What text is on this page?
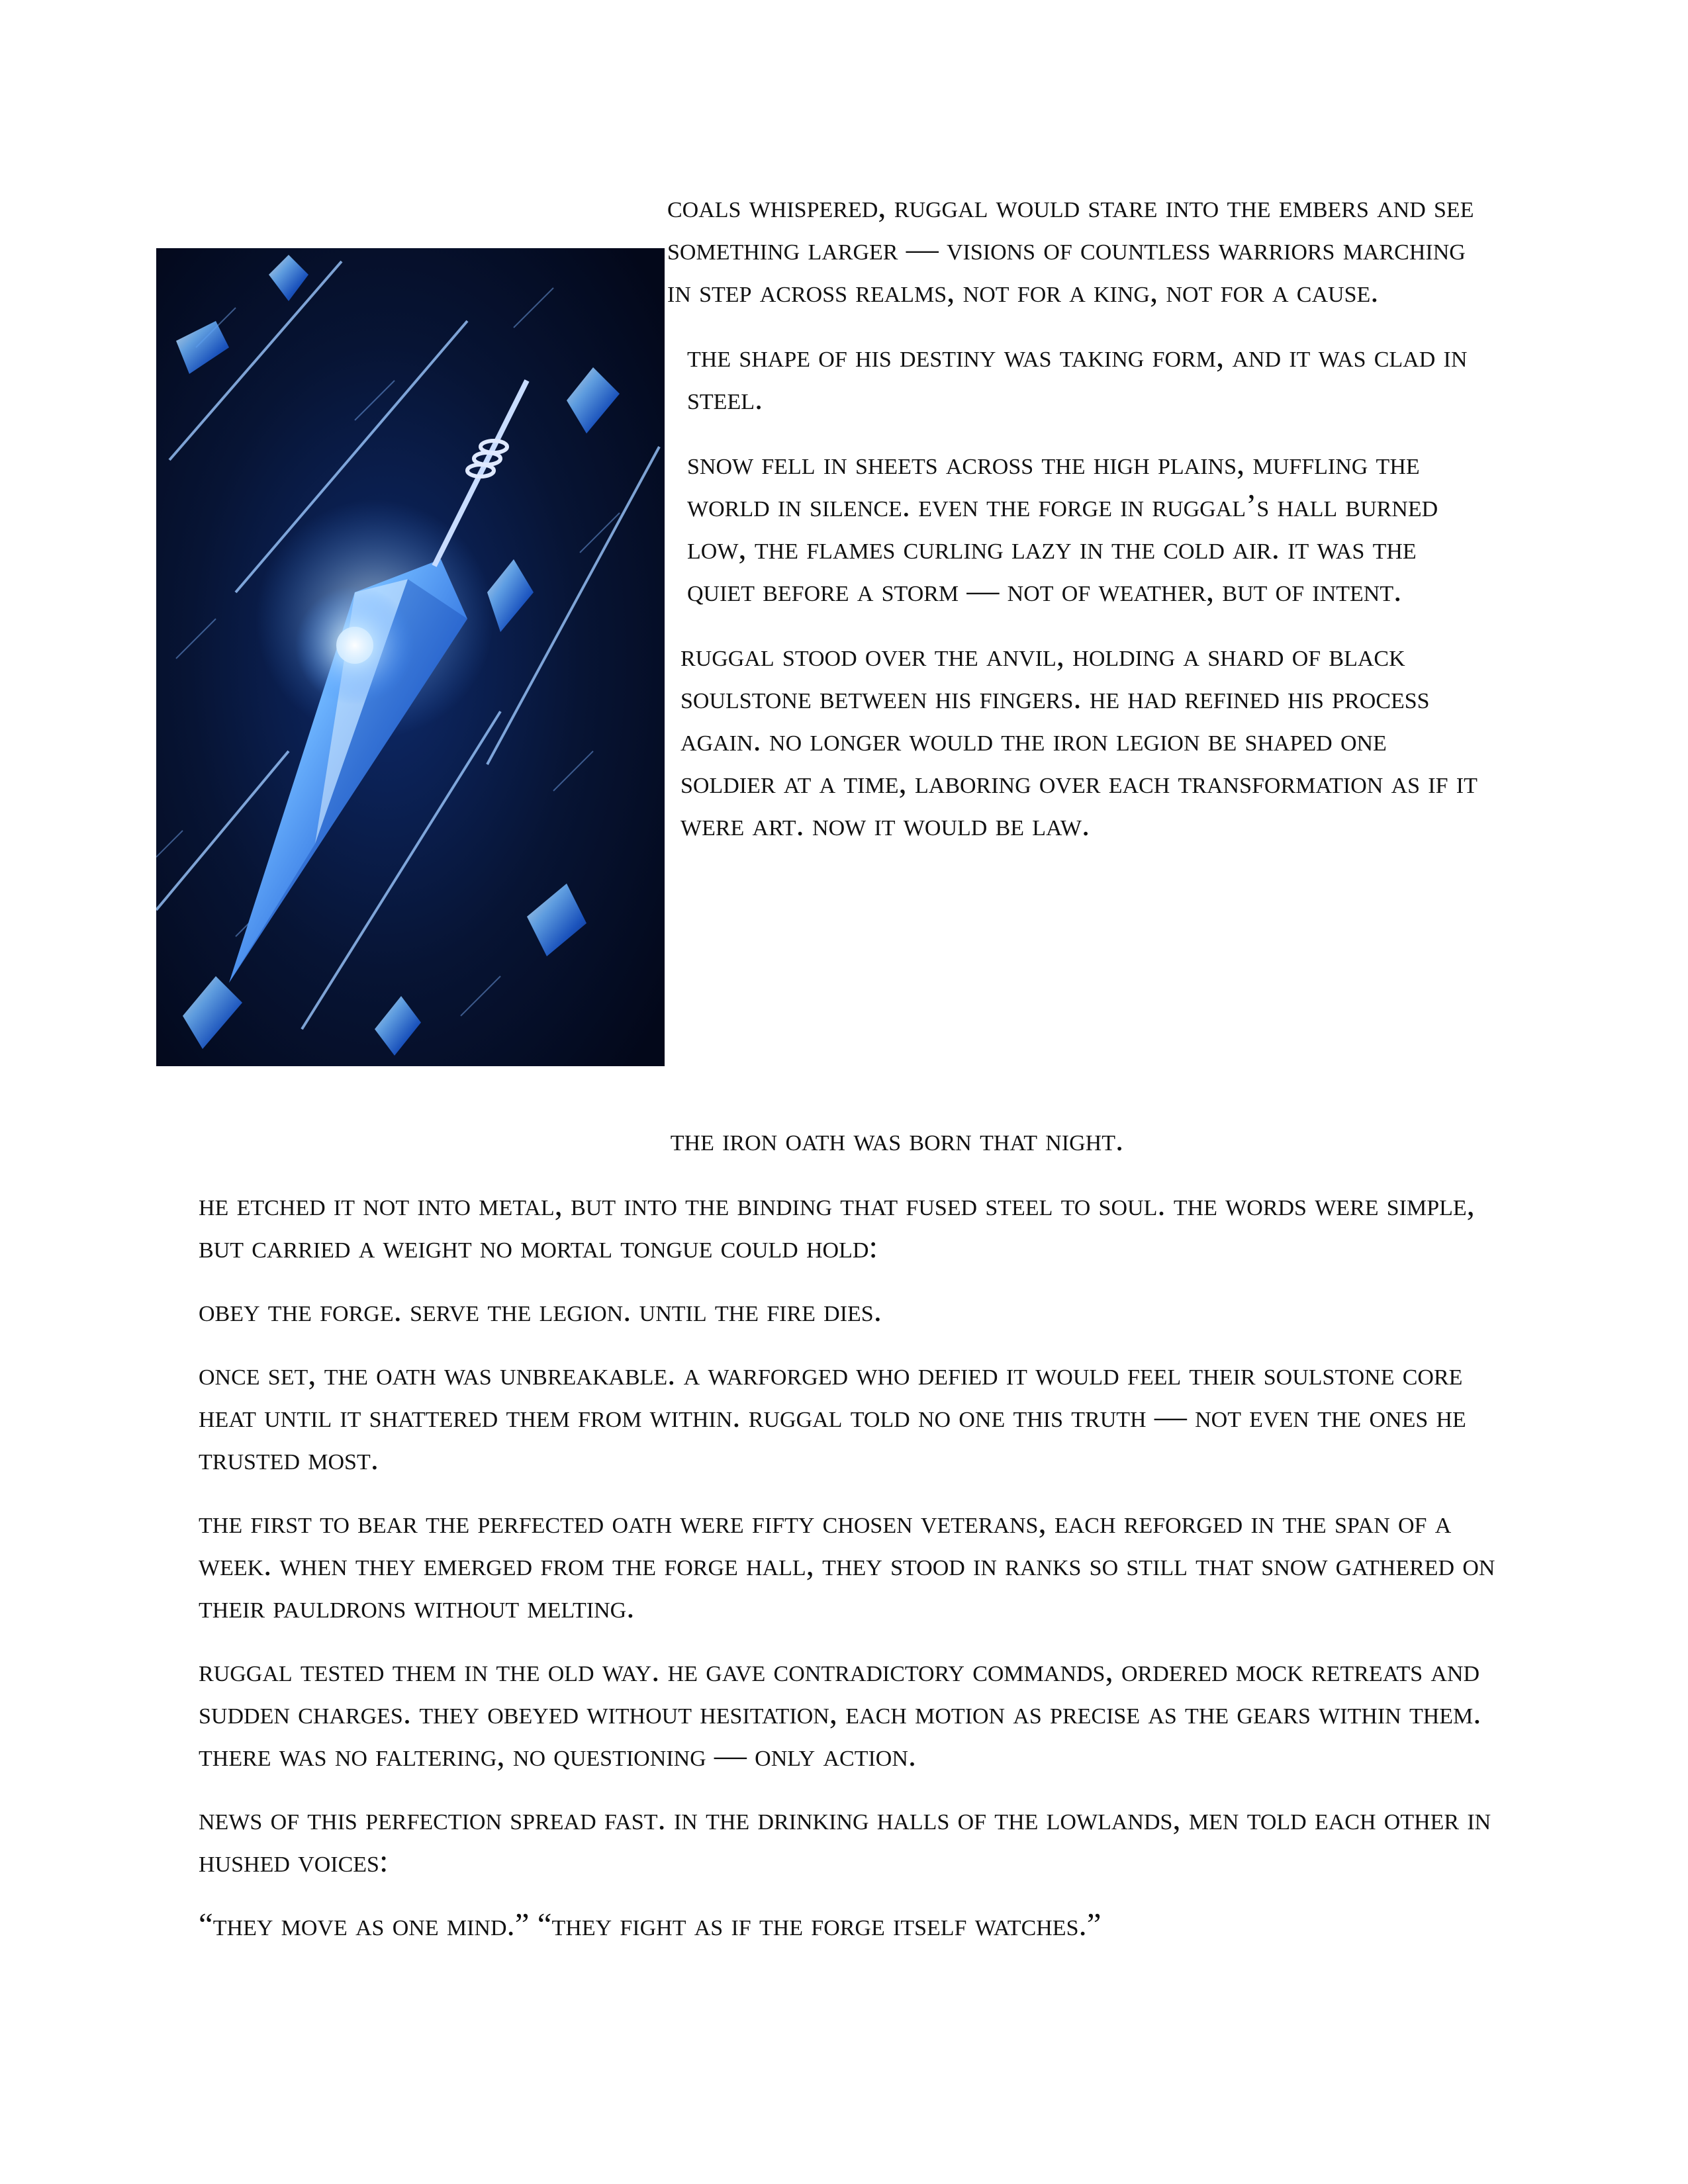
coals whispered, ruggal would stare into the embers and see something larger — visions of countless warriors marching in step across realms, not for a king, not for a cause.

the shape of his destiny was taking form, and it was clad in steel.

snow fell in sheets across the high plains, muffling the world in silence. even the forge in ruggal’s hall burned low, the flames curling lazy in the cold air. it was the quiet before a storm — not of weather, but of intent.

ruggal stood over the anvil, holding a shard of black soulstone between his fingers. he had refined his process again. no longer would the iron legion be shaped one soldier at a time, laboring over each transformation as if it were art. now it would be law.

the iron oath was born that night.

he etched it not into metal, but into the binding that fused steel to soul. the words were simple, but carried a weight no mortal tongue could hold:

obey the forge. serve the legion. until the fire dies.

once set, the oath was unbreakable. a warforged who defied it would feel their soulstone core heat until it shattered them from within. ruggal told no one this truth — not even the ones he trusted most.

the first to bear the perfected oath were fifty chosen veterans, each reforged in the span of a week. when they emerged from the forge hall, they stood in ranks so still that snow gathered on their pauldrons without melting.

ruggal tested them in the old way. he gave contradictory commands, ordered mock retreats and sudden charges. they obeyed without hesitation, each motion as precise as the gears within them. there was no faltering, no questioning — only action.

news of this perfection spread fast. in the drinking halls of the lowlands, men told each other in hushed voices:

“they move as one mind.” “they fight as if the forge itself watches.”
